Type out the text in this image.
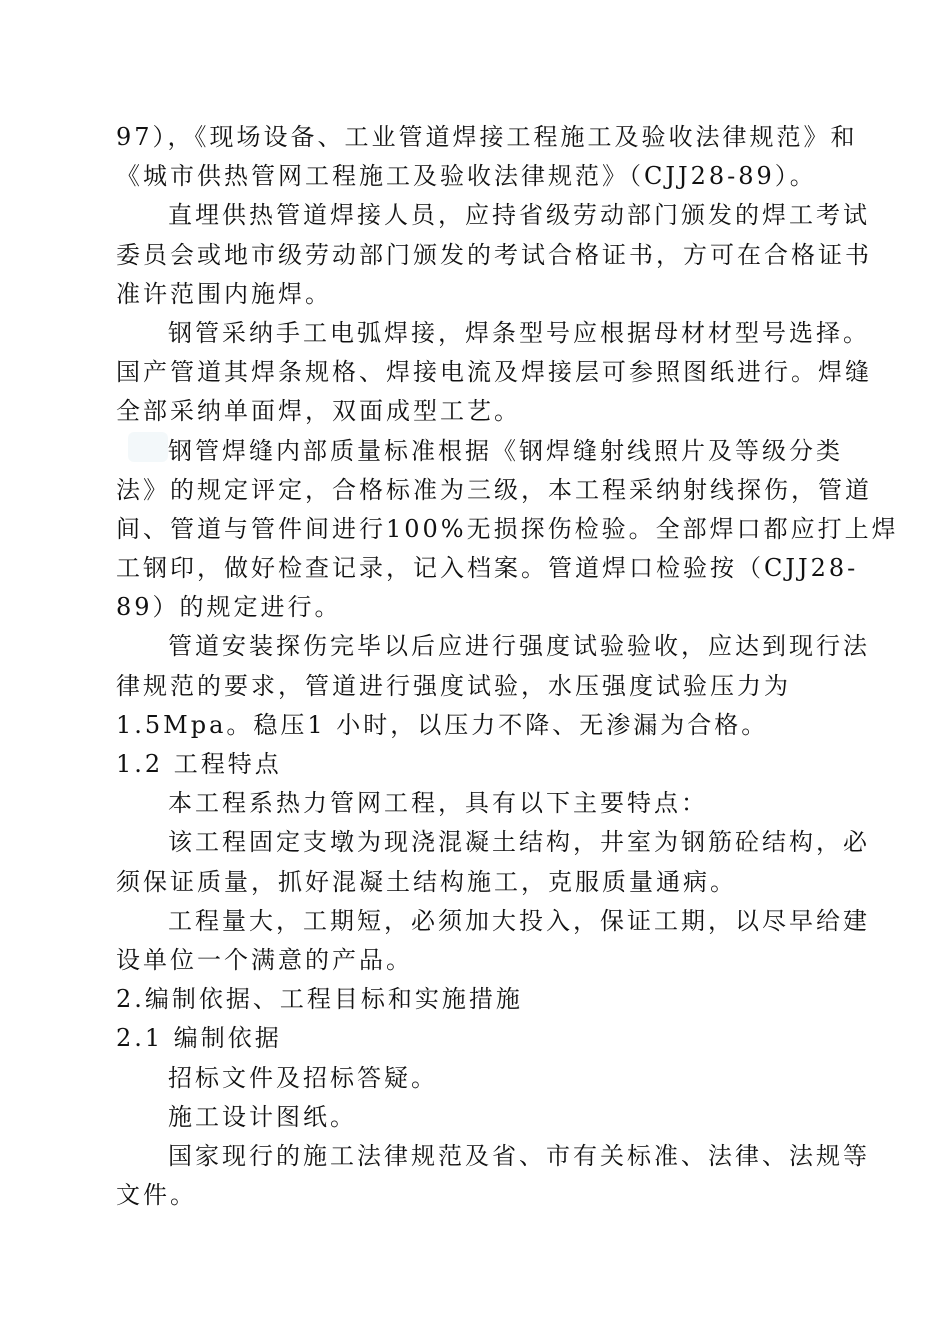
97），《现场设备、工业管道焊接工程施工及验收法律规范》和
《城市供热管网工程施工及验收法律规范》（CJJ28-89）。
直埋供热管道焊接人员，应持省级劳动部门颁发的焊工考试
委员会或地市级劳动部门颁发的考试合格证书，方可在合格证书
准许范围内施焊。
钢管采纳手工电弧焊接，焊条型号应根据母材材型号选择。
国产管道其焊条规格、焊接电流及焊接层可参照图纸进行。焊缝
全部采纳单面焊，双面成型工艺。
钢管焊缝内部质量标准根据《钢焊缝射线照片及等级分类
法》的规定评定，合格标准为三级，本工程采纳射线探伤，管道
间、管道与管件间进行100%无损探伤检验。全部焊口都应打上焊
工钢印，做好检查记录，记入档案。管道焊口检验按（CJJ28-
89）的规定进行。
管道安装探伤完毕以后应进行强度试验验收，应达到现行法
律规范的要求，管道进行强度试验，水压强度试验压力为
1.5Mpa。稳压1 小时，以压力不降、无渗漏为合格。
1.2 工程特点
本工程系热力管网工程，具有以下主要特点：
该工程固定支墩为现浇混凝土结构，井室为钢筋砼结构，必
须保证质量，抓好混凝土结构施工，克服质量通病。
工程量大，工期短，必须加大投入，保证工期，以尽早给建
设单位一个满意的产品。
2.编制依据、工程目标和实施措施
2.1 编制依据
招标文件及招标答疑。
施工设计图纸。
国家现行的施工法律规范及省、市有关标准、法律、法规等
文件。
